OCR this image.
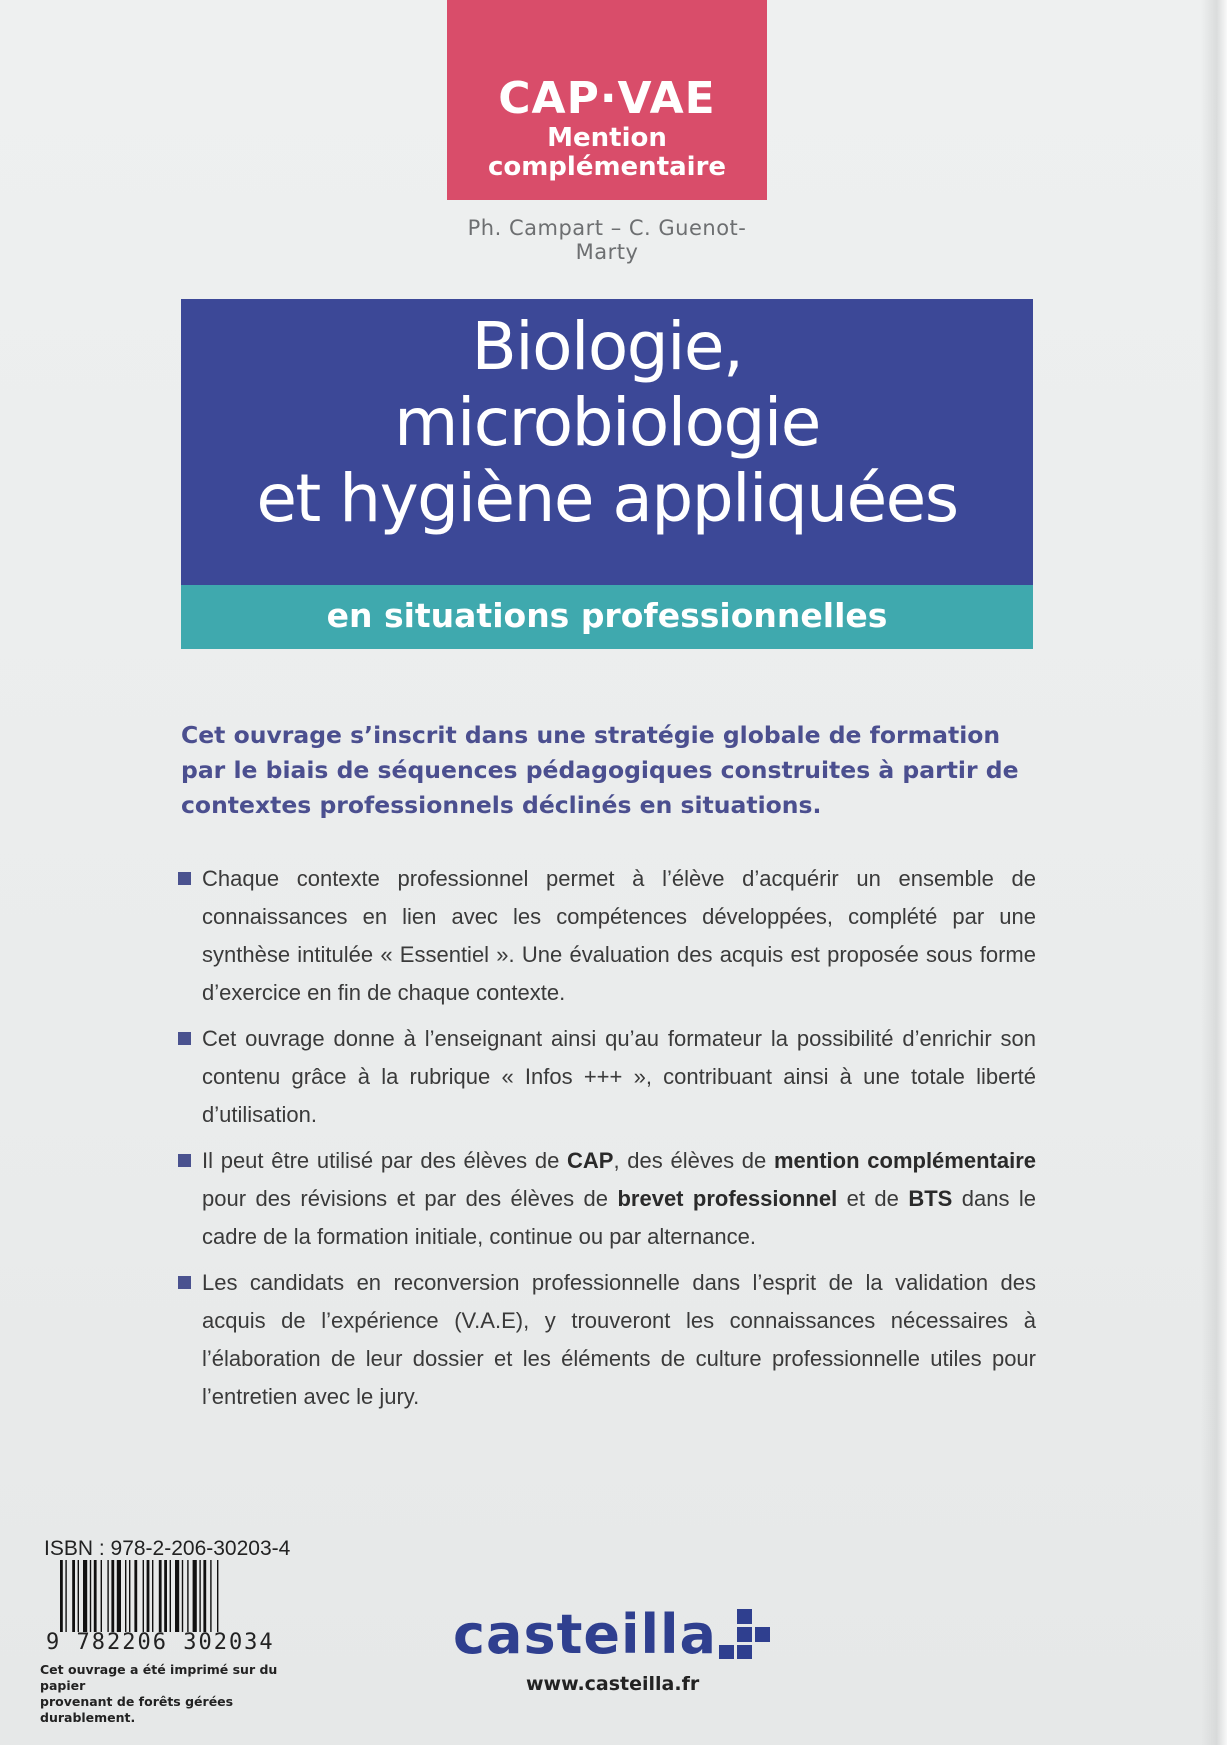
CAP·VAE
Mention
complémentaire
Ph. Campart – C. Guenot-Marty
Biologie,
microbiologie
et hygiène appliquées
en situations professionnelles
Cet ouvrage s’inscrit dans une stratégie globale de formation par le biais de séquences pédagogiques construites à partir de contextes professionnels déclinés en situations.
Chaque contexte professionnel permet à l’élève d’acquérir un ensemble de connaissances en lien avec les compétences développées, complété par une synthèse intitulée « Essentiel ». Une évaluation des acquis est proposée sous forme d’exercice en fin de chaque contexte.
Cet ouvrage donne à l’enseignant ainsi qu’au formateur la possibilité d’enrichir son contenu grâce à la rubrique « Infos +++ », contribuant ainsi à une totale liberté d’utilisation.
Il peut être utilisé par des élèves de CAP, des élèves de mention complémentaire pour des révisions et par des élèves de brevet professionnel et de BTS dans le cadre de la formation initiale, continue ou par alternance.
Les candidats en reconversion professionnelle dans l’esprit de la validation des acquis de l’expérience (V.A.E), y trouveront les connaissances nécessaires à l’élaboration de leur dossier et les éléments de culture professionnelle utiles pour l’entretien avec le jury.
ISBN : 978-2-206-30203-4
9 782206 302034
Cet ouvrage a été imprimé sur du papier
provenant de forêts gérées durablement.
casteilla
www.casteilla.fr
